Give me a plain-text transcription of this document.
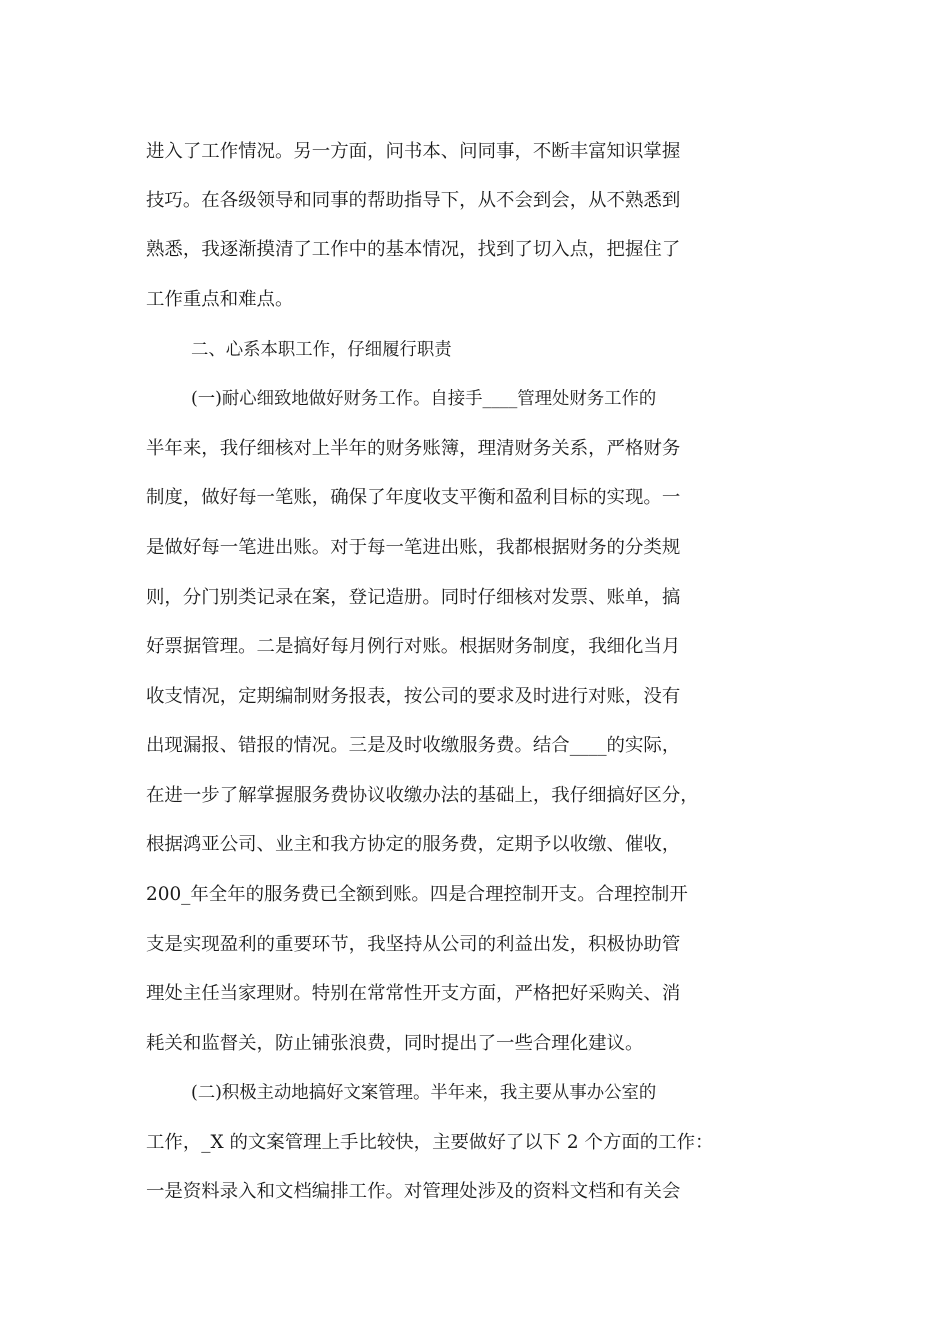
进入了工作情况。另一方面，问书本、问同事，不断丰富知识掌握
技巧。在各级领导和同事的帮助指导下，从不会到会，从不熟悉到
熟悉，我逐渐摸清了工作中的基本情况，找到了切入点，把握住了
工作重点和难点。
二、心系本职工作，仔细履行职责
(一)耐心细致地做好财务工作。自接手____管理处财务工作的
半年来，我仔细核对上半年的财务账簿，理清财务关系，严格财务
制度，做好每一笔账，确保了年度收支平衡和盈利目标的实现。一
是做好每一笔进出账。对于每一笔进出账，我都根据财务的分类规
则，分门别类记录在案，登记造册。同时仔细核对发票、账单，搞
好票据管理。二是搞好每月例行对账。根据财务制度，我细化当月
收支情况，定期编制财务报表，按公司的要求及时进行对账，没有
出现漏报、错报的情况。三是及时收缴服务费。结合____的实际，
在进一步了解掌握服务费协议收缴办法的基础上，我仔细搞好区分，
根据鸿亚公司、业主和我方协定的服务费，定期予以收缴、催收，
200_年全年的服务费已全额到账。四是合理控制开支。合理控制开
支是实现盈利的重要环节，我坚持从公司的利益出发，积极协助管
理处主任当家理财。特别在常常性开支方面，严格把好采购关、消
耗关和监督关，防止铺张浪费，同时提出了一些合理化建议。
(二)积极主动地搞好文案管理。半年来，我主要从事办公室的
工作，_X 的文案管理上手比较快，主要做好了以下 2 个方面的工作：
一是资料录入和文档编排工作。对管理处涉及的资料文档和有关会
